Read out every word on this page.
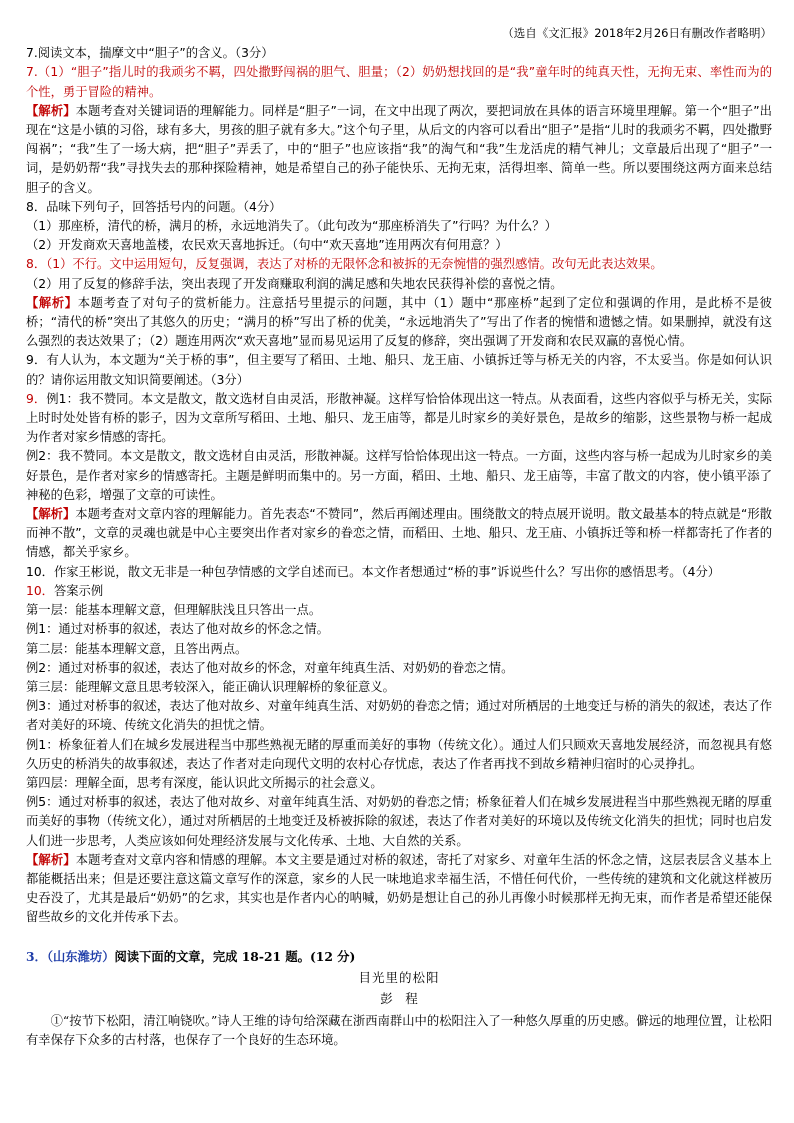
（选自《文汇报》2018年2月26日有删改作者略明）

7.阅读文本，揣摩文中“胆子”的含义。（3分）

7.（1）“胆子”指儿时的我顽劣不羁，四处撒野闯祸的胆气、胆量；（2）奶奶想找回的是“我”童年时的纯真天性，无拘无束、率性而为的个性，勇于冒险的精神。

【解析】本题考查对关键词语的理解能力。同样是“胆子”一词，在文中出现了两次，要把词放在具体的语言环境里理解。第一个“胆子”出现在“这是小镇的习俗，球有多大，男孩的胆子就有多大。”这个句子里，从后文的内容可以看出“胆子”是指“儿时的我顽劣不羁，四处撒野闯祸”；“我”生了一场大病，把“胆子”弄丢了，中的“胆子”也应该指“我”的淘气和“我”生龙活虎的精气神儿；文章最后出现了“胆子”一词，是奶奶帮“我”寻找失去的那种探险精神，她是希望自己的孙子能快乐、无拘无束，活得坦率、简单一些。所以要围绕这两方面来总结胆子的含义。

8．品味下列句子，回答括号内的问题。（4分）

（1）那座桥，清代的桥，满月的桥，永远地消失了。（此句改为“那座桥消失了”行吗？为什么？）

（2）开发商欢天喜地盖楼，农民欢天喜地拆迁。（句中“欢天喜地”连用两次有何用意？）

8．（1）不行。文中运用短句，反复强调，表达了对桥的无限怀念和被拆的无奈惋惜的强烈感情。改句无此表达效果。

（2）用了反复的修辞手法，突出表现了开发商赚取利润的满足感和失地农民获得补偿的喜悦之情。

【解析】本题考查了对句子的赏析能力。注意括号里提示的问题，其中（1）题中“那座桥”起到了定位和强调的作用，是此桥不是彼桥；“清代的桥”突出了其悠久的历史；“满月的桥”写出了桥的优美，“永远地消失了”写出了作者的惋惜和遗憾之情。如果删掉，就没有这么强烈的表达效果了；（2）题连用两次“欢天喜地”显而易见运用了反复的修辞，突出强调了开发商和农民双赢的喜悦心情。

9．有人认为，本文题为“关于桥的事”，但主要写了稻田、土地、船只、龙王庙、小镇拆迁等与桥无关的内容，不太妥当。你是如何认识的？请你运用散文知识简要阐述。（3分）

9．例1：我不赞同。本文是散文，散文选材自由灵活，形散神凝。这样写恰恰体现出这一特点。从表面看，这些内容似乎与桥无关，实际上时时处处皆有桥的影子，因为文章所写稻田、土地、船只、龙王庙等，都是儿时家乡的美好景色，是故乡的缩影，这些景物与桥一起成为作者对家乡情感的寄托。

例2：我不赞同。本文是散文，散文选材自由灵活，形散神凝。这样写恰恰体现出这一特点。一方面，这些内容与桥一起成为儿时家乡的美好景色，是作者对家乡的情感寄托。主题是鲜明而集中的。另一方面，稻田、土地、船只、龙王庙等，丰富了散文的内容，使小镇平添了神秘的色彩，增强了文章的可读性。

【解析】本题考查对文章内容的理解能力。首先表态“不赞同”，然后再阐述理由。围绕散文的特点展开说明。散文最基本的特点就是“形散而神不散”，文章的灵魂也就是中心主要突出作者对家乡的眷恋之情，而稻田、土地、船只、龙王庙、小镇拆迁等和桥一样都寄托了作者的情感，都关乎家乡。

10．作家王彬说，散文无非是一种包孕情感的文学自述而已。本文作者想通过“桥的事”诉说些什么？写出你的感悟思考。（4分）

10．答案示例

第一层：能基本理解文意，但理解肤浅且只答出一点。

例1：通过对桥事的叙述，表达了他对故乡的怀念之情。

第二层：能基本理解文意，且答出两点。

例2：通过对桥事的叙述，表达了他对故乡的怀念，对童年纯真生活、对奶奶的眷恋之情。

第三层：能理解文意且思考较深入，能正确认识理解桥的象征意义。

例3：通过对桥事的叙述，表达了他对故乡、对童年纯真生活、对奶奶的眷恋之情；通过对所栖居的土地变迁与桥的消失的叙述，表达了作者对美好的环境、传统文化消失的担忧之情。

例1：桥象征着人们在城乡发展进程当中那些熟视无睹的厚重而美好的事物（传统文化）。通过人们只顾欢天喜地发展经济，而忽视具有悠久历史的桥消失的故事叙述，表达了作者对走向现代文明的农村心存忧虑，表达了作者再找不到故乡精神归宿时的心灵挣扎。

第四层：理解全面，思考有深度，能认识此文所揭示的社会意义。

例5：通过对桥事的叙述，表达了他对故乡、对童年纯真生活、对奶奶的眷恋之情；桥象征着人们在城乡发展进程当中那些熟视无睹的厚重而美好的事物（传统文化），通过对所栖居的土地变迁及桥被拆除的叙述，表达了作者对美好的环境以及传统文化消失的担忧；同时也启发人们进一步思考，人类应该如何处理经济发展与文化传承、土地、大自然的关系。

【解析】本题考查对文章内容和情感的理解。本文主要是通过对桥的叙述，寄托了对家乡、对童年生活的怀念之情，这层表层含义基本上都能概括出来；但是还要注意这篇文章写作的深意，家乡的人民一味地追求幸福生活，不惜任何代价，一些传统的建筑和文化就这样被历史吞没了，尤其是最后“奶奶”的乞求，其实也是作者内心的呐喊，奶奶是想让自己的孙儿再像小时候那样无拘无束，而作者是希望还能保留些故乡的文化并传承下去。

3．（山东潍坊）阅读下面的文章，完成 18-21 题。(12 分)
目光里的松阳
彭　程

①“按节下松阳，清江响铙吹。”诗人王维的诗句给深藏在浙西南群山中的松阳注入了一种悠久厚重的历史感。僻远的地理位置，让松阳有幸保存下众多的古村落，也保存了一个良好的生态环境。
